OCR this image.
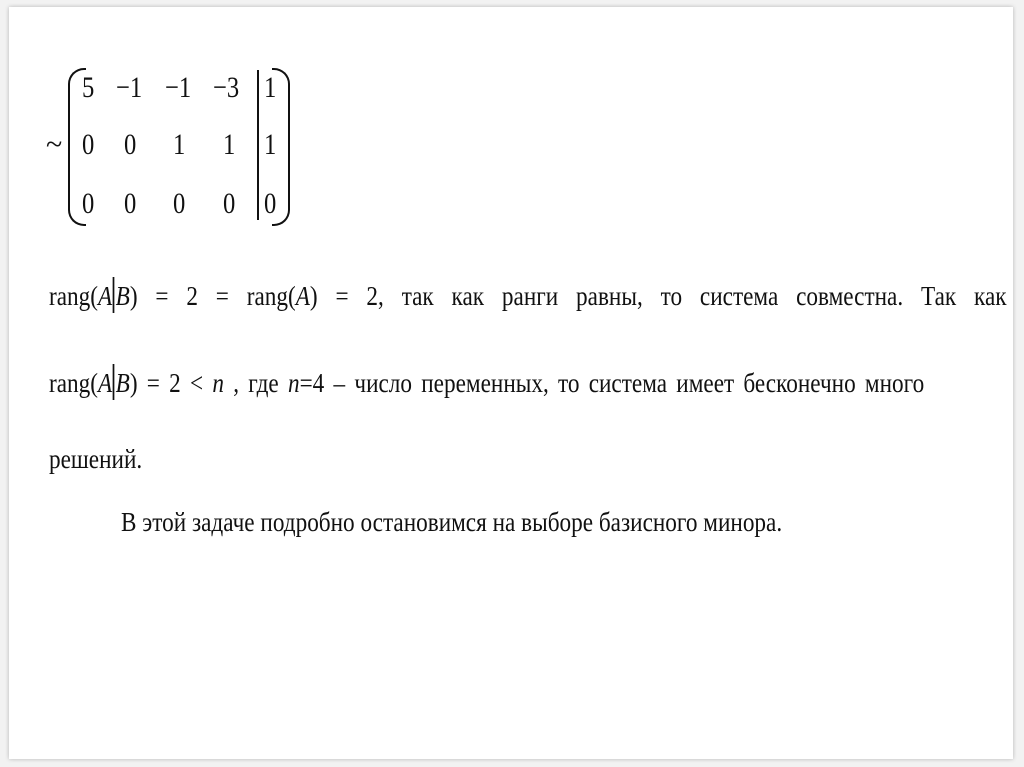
~
5 −1 −1 −3 1
0 0 1 1 1
0 0 0 0 0
rang(A B) = 2 = rang(A) = 2, так как ранги равны, то система совместна. Так как
rang(A B) = 2 < n , где n=4 – число переменных, то система имеет бесконечно много
решений.
В этой задаче подробно остановимся на выборе базисного минора.
